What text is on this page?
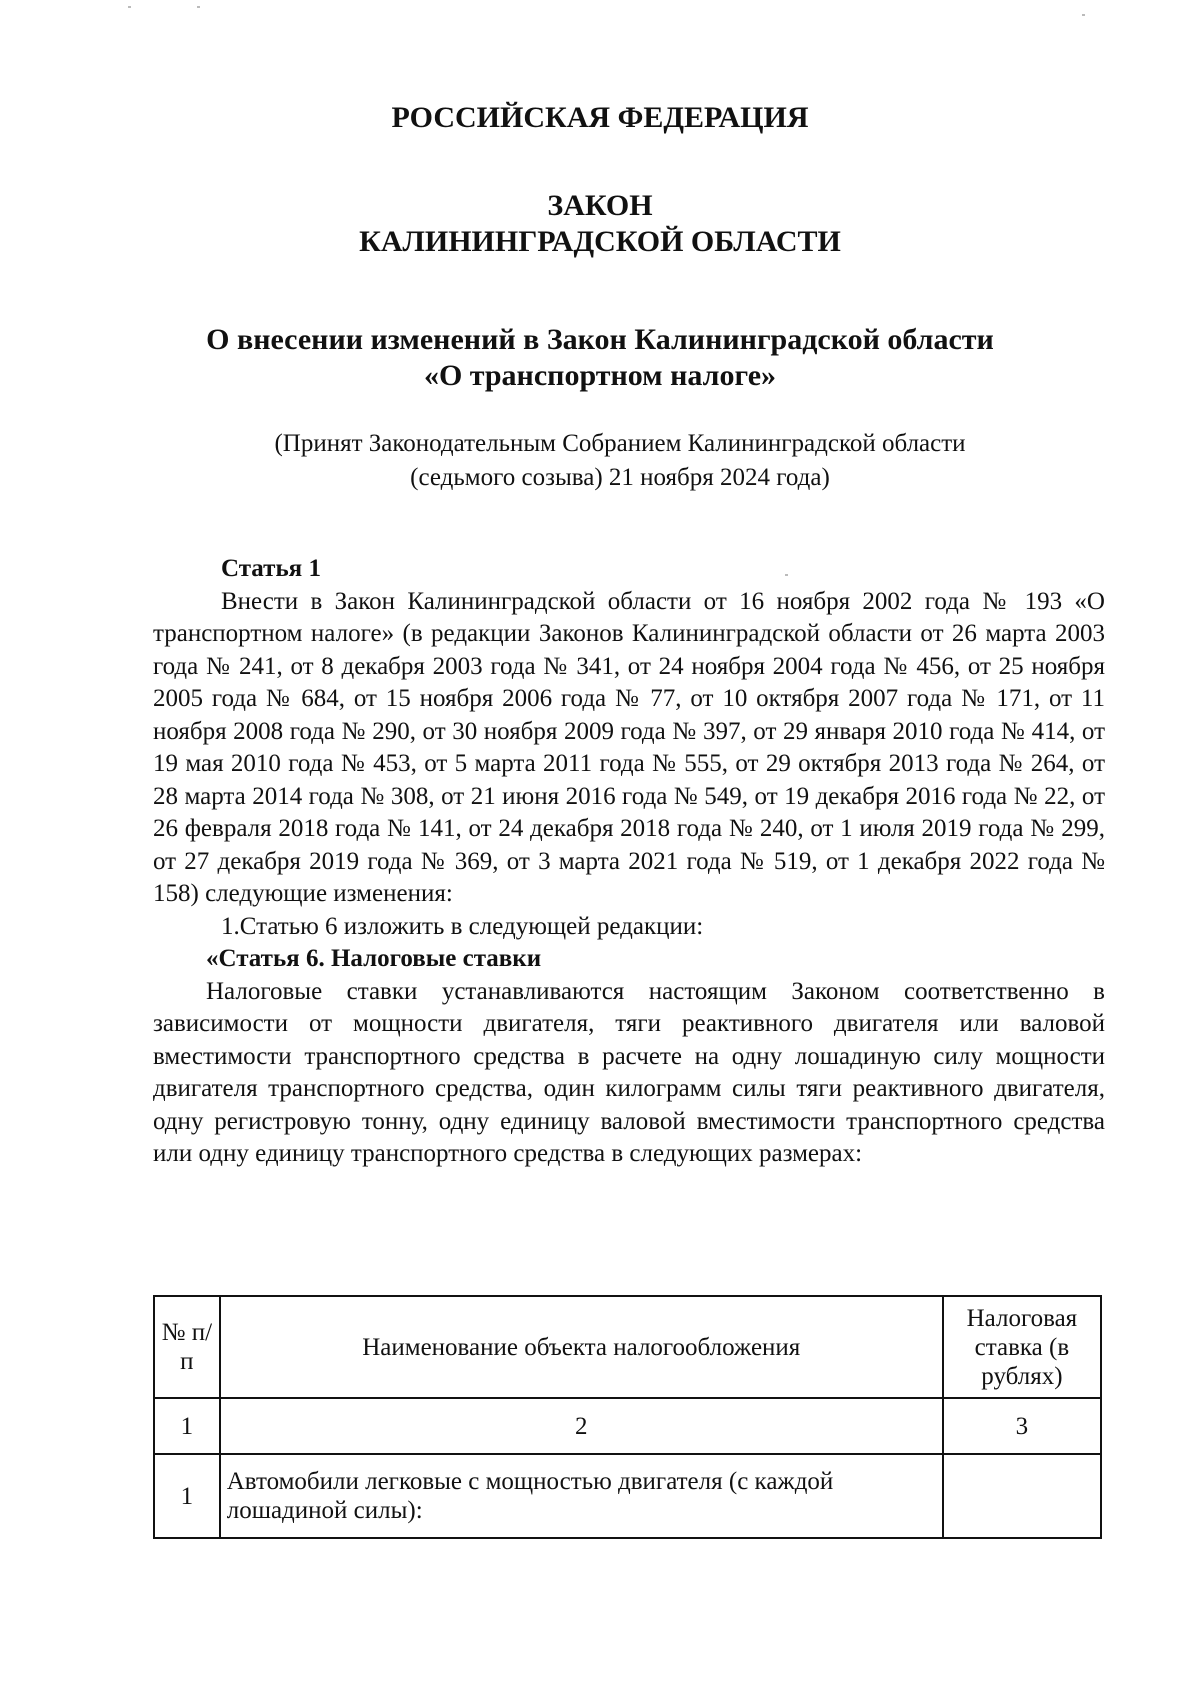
РОССИЙСКАЯ ФЕДЕРАЦИЯ
ЗАКОН
КАЛИНИНГРАДСКОЙ ОБЛАСТИ
О внесении изменений в Закон Калининградской области
«О транспортном налоге»

(Принят Законодательным Собранием Калининградской области

(седьмого созыва) 21 ноября 2024 года)

Статья 1

Внести в Закон Калининградской области от 16 ноября 2002 года № 193 «О транспортном налоге» (в редакции Законов Калининградской области от 26 марта 2003 года № 241, от 8 декабря 2003 года № 341, от 24 ноября 2004 года № 456, от 25 ноября 2005 года № 684, от 15 ноября 2006 года № 77, от 10 октября 2007 года № 171, от 11 ноября 2008 года № 290, от 30 ноября 2009 года № 397, от 29 января 2010 года № 414, от 19 мая 2010 года № 453, от 5 марта 2011 года № 555, от 29 октября 2013 года № 264, от 28 марта 2014 года № 308, от 21 июня 2016 года № 549, от 19 декабря 2016 года № 22, от 26 февраля 2018 года № 141, от 24 декабря 2018 года № 240, от 1 июля 2019 года № 299, от 27 декабря 2019 года № 369, от 3 марта 2021 года № 519, от 1 декабря 2022 года № 158) следующие изменения:

1.Статью 6 изложить в следующей редакции:
«Статья 6. Налоговые ставки

Налоговые ставки устанавливаются настоящим Законом соответственно в зависимости от мощности двигателя, тяги реактивного двигателя или валовой вместимости транспортного средства в расчете на одну лошадиную силу мощности двигателя транспортного средства, один килограмм силы тяги реактивного двигателя, одну регистровую тонну, одну единицу валовой вместимости транспортного средства или одну единицу транспортного средства в следующих размерах:

№ п/п	Наименование объекта налогообложения	Налоговая ставка (в рублях)
1	2	3
1	Автомобили легковые с мощностью двигателя (с каждой лошадиной силы):	
